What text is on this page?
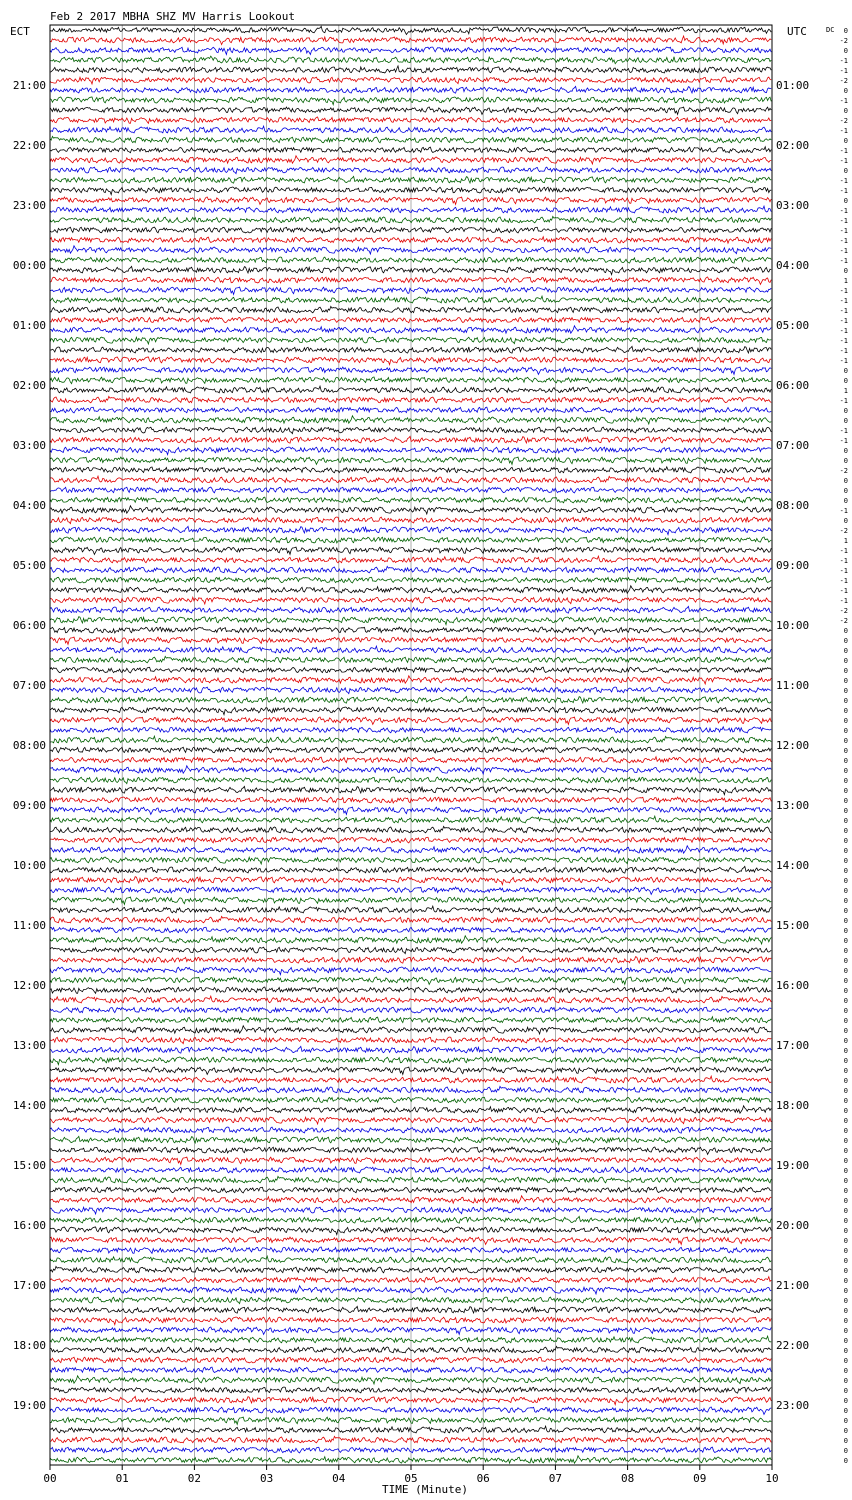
Feb 2 2017 MBHA SHZ MV Harris Lookout
ECT	UTC	DC
21:00
22:00
23:00
00:00
01:00
02:00
03:00
04:00
05:00
06:00
07:00
08:00
09:00
10:00
11:00
12:00
13:00
14:00
15:00
16:00
17:00
18:00
19:00
01:00
02:00
03:00
04:00
05:00
06:00
07:00
08:00
09:00
10:00
11:00
12:00
13:00
14:00
15:00
16:00
17:00
18:00
19:00
20:00
21:00
22:00
23:00
0
-2
0
-1
-1
-2
0
-1
0
-2
-1
0
-1
-1
0
-1
-1
0
-1
-1
-1
-1
-1
-1
0
1
-1
-1
-1
-1
-1
-1
-1
-1
0
0
1
-1
0
0
-1
-1
0
0
-2
0
0
0
-1
0
-2
1
-1
-1
-1
-1
-1
-1
-2
-2
0
0
0
0
0
0
0
0
0
0
0
0
0
0
0
0
0
0
0
0
0
0
0
0
0
0
0
0
0
0
0
0
0
0
0
0
0
0
0
0
0
0
0
0
0
0
0
0
0
0
0
0
0
0
0
0
0
0
0
0
0
0
0
0
0
0
0
0
0
0
0
0
0
0
0
0
0
0
0
0
0
0
0
0
00	01	02	03	04	05	06	07	08	09	10
TIME (Minute)
